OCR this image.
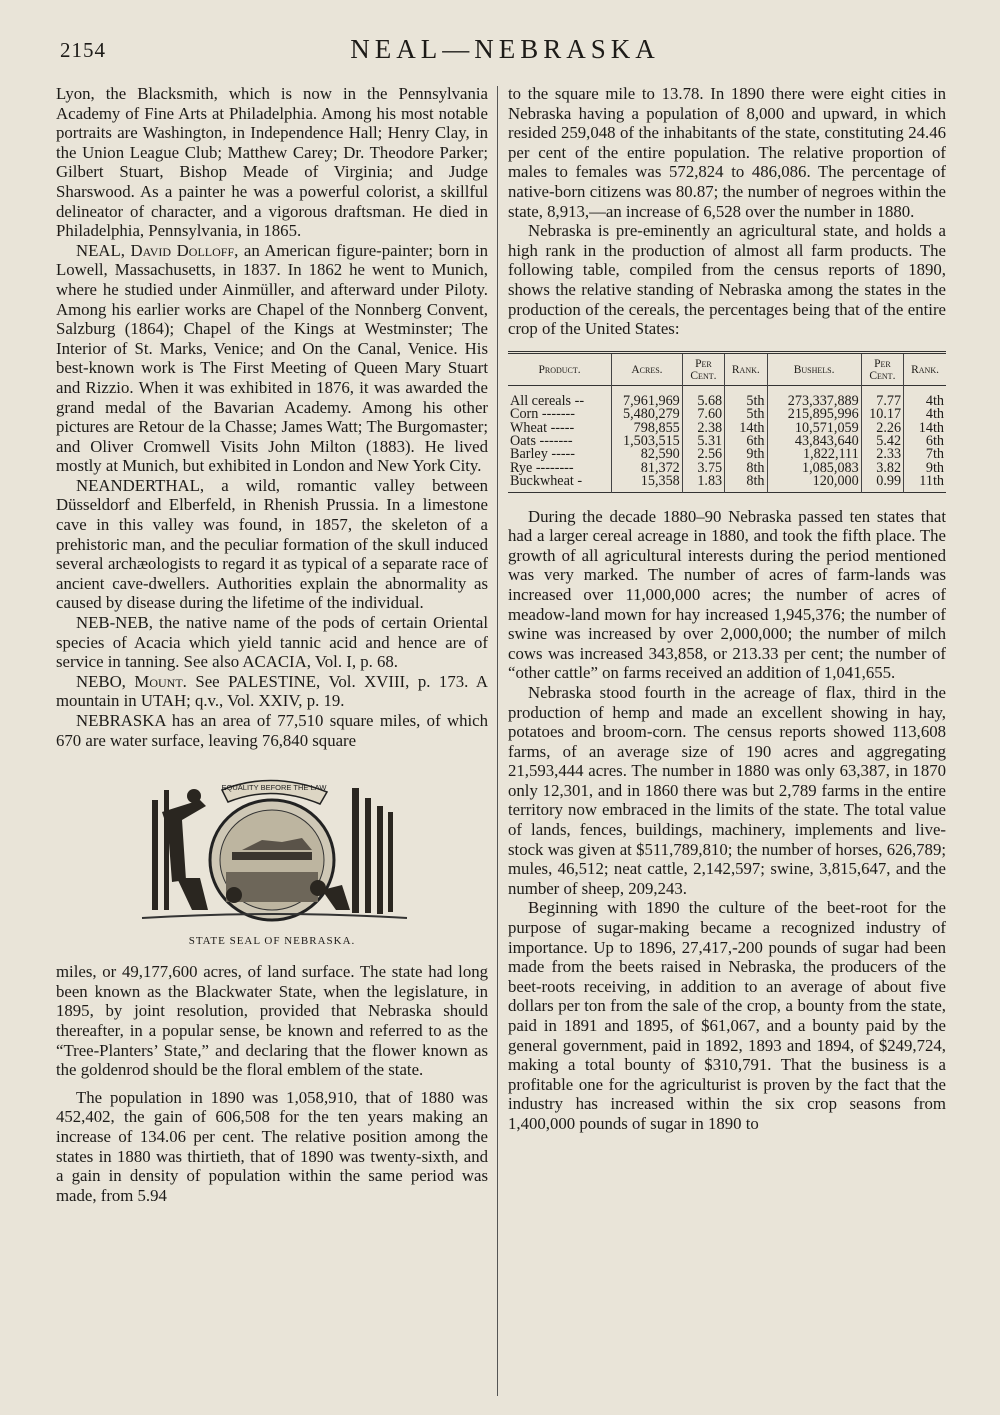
2154	NEAL—NEBRASKA

Lyon, the Blacksmith, which is now in the Pennsylvania Academy of Fine Arts at Philadelphia. Among his most notable portraits are Washington, in Independence Hall; Henry Clay, in the Union League Club; Matthew Carey; Dr. Theodore Parker; Gilbert Stuart, Bishop Meade of Virginia; and Judge Sharswood. As a painter he was a powerful colorist, a skillful delineator of character, and a vigorous draftsman. He died in Philadelphia, Pennsylvania, in 1865.

NEAL, David Dolloff, an American figure-painter; born in Lowell, Massachusetts, in 1837. In 1862 he went to Munich, where he studied under Ainmüller, and afterward under Piloty. Among his earlier works are Chapel of the Nonnberg Convent, Salzburg (1864); Chapel of the Kings at Westminster; The Interior of St. Marks, Venice; and On the Canal, Venice. His best-known work is The First Meeting of Queen Mary Stuart and Rizzio. When it was exhibited in 1876, it was awarded the grand medal of the Bavarian Academy. Among his other pictures are Retour de la Chasse; James Watt; The Burgomaster; and Oliver Cromwell Visits John Milton (1883). He lived mostly at Munich, but exhibited in London and New York City.

NEANDERTHAL, a wild, romantic valley between Düsseldorf and Elberfeld, in Rhenish Prussia. In a limestone cave in this valley was found, in 1857, the skeleton of a prehistoric man, and the peculiar formation of the skull induced several archæologists to regard it as typical of a separate race of ancient cave-dwellers. Authorities explain the abnormality as caused by disease during the lifetime of the individual.

NEB-NEB, the native name of the pods of certain Oriental species of Acacia which yield tannic acid and hence are of service in tanning. See also ACACIA, Vol. I, p. 68.

NEBO, Mount. See PALESTINE, Vol. XVIII, p. 173. A mountain in UTAH; q.v., Vol. XXIV, p. 19.

NEBRASKA has an area of 77,510 square miles, of which 670 are water surface, leaving 76,840 square

EQUALITY BEFORE THE LAW
STATE SEAL OF NEBRASKA.

miles, or 49,177,600 acres, of land surface. The state had long been known as the Blackwater State, when the legislature, in 1895, by joint resolution, provided that Nebraska should thereafter, in a popular sense, be known and referred to as the “Tree-Planters’ State,” and declaring that the flower known as the goldenrod should be the floral emblem of the state.

The population in 1890 was 1,058,910, that of 1880 was 452,402, the gain of 606,508 for the ten years making an increase of 134.06 per cent. The relative position among the states in 1880 was thirtieth, that of 1890 was twenty-sixth, and a gain in density of population within the same period was made, from 5.94

to the square mile to 13.78. In 1890 there were eight cities in Nebraska having a population of 8,000 and upward, in which resided 259,048 of the inhabitants of the state, constituting 24.46 per cent of the entire population. The relative proportion of males to females was 572,824 to 486,086. The percentage of native-born citizens was 80.87; the number of negroes within the state, 8,913,—an increase of 6,528 over the number in 1880.

Nebraska is pre-eminently an agricultural state, and holds a high rank in the production of almost all farm products. The following table, compiled from the census reports of 1890, shows the relative standing of Nebraska among the states in the production of the cereals, the percentages being that of the entire crop of the United States:

Product.	Acres.	Per Cent.	Rank.	Bushels.	Per Cent.	Rank.
All cereals --	7,961,969	5.68	5th	273,337,889	7.77	4th
Corn -------	5,480,279	7.60	5th	215,895,996	10.17	4th
Wheat -----	798,855	2.38	14th	10,571,059	2.26	14th
Oats -------	1,503,515	5.31	6th	43,843,640	5.42	6th
Barley -----	82,590	2.56	9th	1,822,111	2.33	7th
Rye --------	81,372	3.75	8th	1,085,083	3.82	9th
Buckwheat -	15,358	1.83	8th	120,000	0.99	11th

During the decade 1880–90 Nebraska passed ten states that had a larger cereal acreage in 1880, and took the fifth place. The growth of all agricultural interests during the period mentioned was very marked. The number of acres of farm-lands was increased over 11,000,000 acres; the number of acres of meadow-land mown for hay increased 1,945,376; the number of swine was increased by over 2,000,000; the number of milch cows was increased 343,858, or 213.33 per cent; the number of “other cattle” on farms received an addition of 1,041,655.

Nebraska stood fourth in the acreage of flax, third in the production of hemp and made an excellent showing in hay, potatoes and broom-corn. The census reports showed 113,608 farms, of an average size of 190 acres and aggregating 21,593,444 acres. The number in 1880 was only 63,387, in 1870 only 12,301, and in 1860 there was but 2,789 farms in the entire territory now embraced in the limits of the state. The total value of lands, fences, buildings, machinery, implements and live-stock was given at $511,789,810; the number of horses, 626,789; mules, 46,512; neat cattle, 2,142,597; swine, 3,815,647, and the number of sheep, 209,243.

Beginning with 1890 the culture of the beet-root for the purpose of sugar-making became a recognized industry of importance. Up to 1896, 27,417,-200 pounds of sugar had been made from the beets raised in Nebraska, the producers of the beet-roots receiving, in addition to an average of about five dollars per ton from the sale of the crop, a bounty from the state, paid in 1891 and 1895, of $61,067, and a bounty paid by the general government, paid in 1892, 1893 and 1894, of $249,724, making a total bounty of $310,791. That the business is a profitable one for the agriculturist is proven by the fact that the industry has increased within the six crop seasons from 1,400,000 pounds of sugar in 1890 to
